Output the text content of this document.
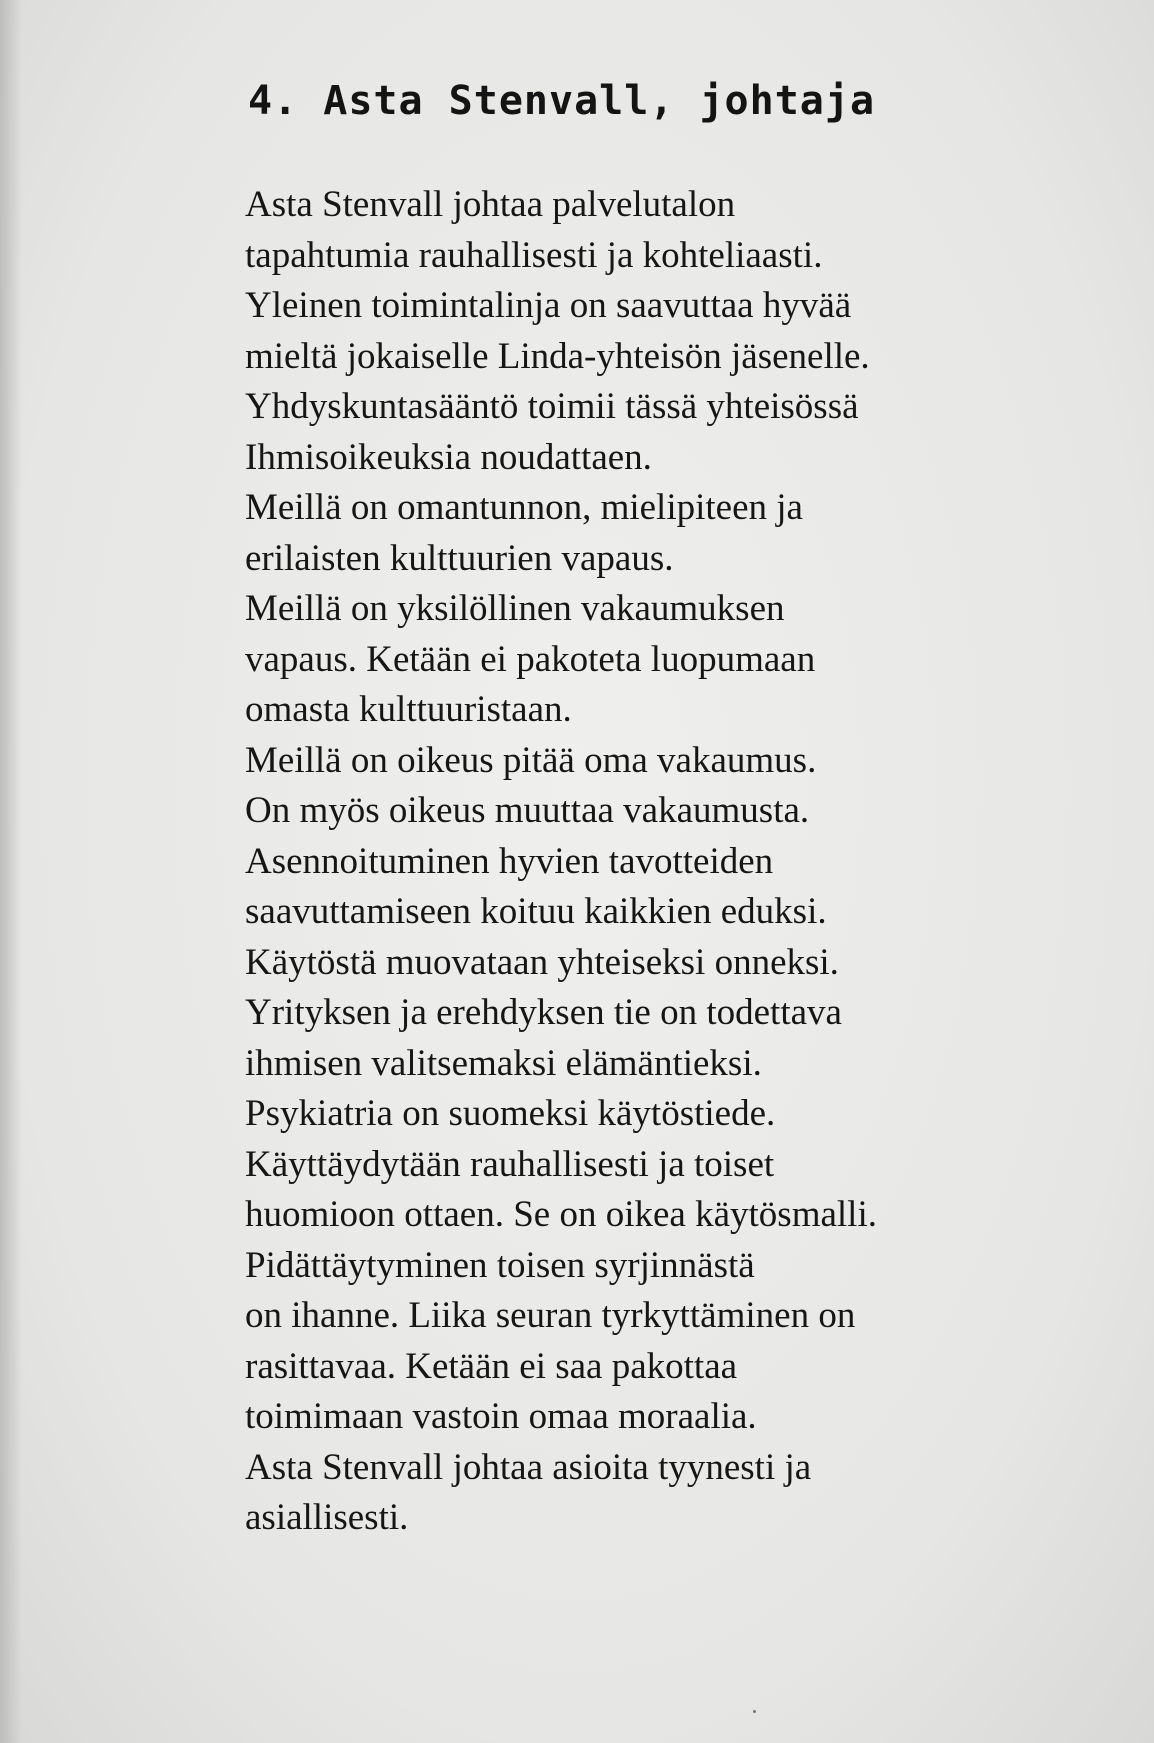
4. Asta Stenvall, johtaja
Asta Stenvall johtaa palvelutalon
tapahtumia rauhallisesti ja kohteliaasti.
Yleinen toimintalinja on saavuttaa hyvää
mieltä jokaiselle Linda-yhteisön jäsenelle.
Yhdyskuntasääntö toimii tässä yhteisössä
Ihmisoikeuksia noudattaen.
Meillä on omantunnon, mielipiteen ja
erilaisten kulttuurien vapaus.
Meillä on yksilöllinen vakaumuksen
vapaus. Ketään ei pakoteta luopumaan
omasta kulttuuristaan.
Meillä on oikeus pitää oma vakaumus.
On myös oikeus muuttaa vakaumusta.
Asennoituminen hyvien tavotteiden
saavuttamiseen koituu kaikkien eduksi.
Käytöstä muovataan yhteiseksi onneksi.
Yrityksen ja erehdyksen tie on todettava
ihmisen valitsemaksi elämäntieksi.
Psykiatria on suomeksi käytöstiede.
Käyttäydytään rauhallisesti ja toiset
huomioon ottaen. Se on oikea käytösmalli.
Pidättäytyminen toisen syrjinnästä
on ihanne. Liika seuran tyrkyttäminen on
rasittavaa. Ketään ei saa pakottaa
toimimaan vastoin omaa moraalia.
Asta Stenvall johtaa asioita tyynesti ja
asiallisesti.
